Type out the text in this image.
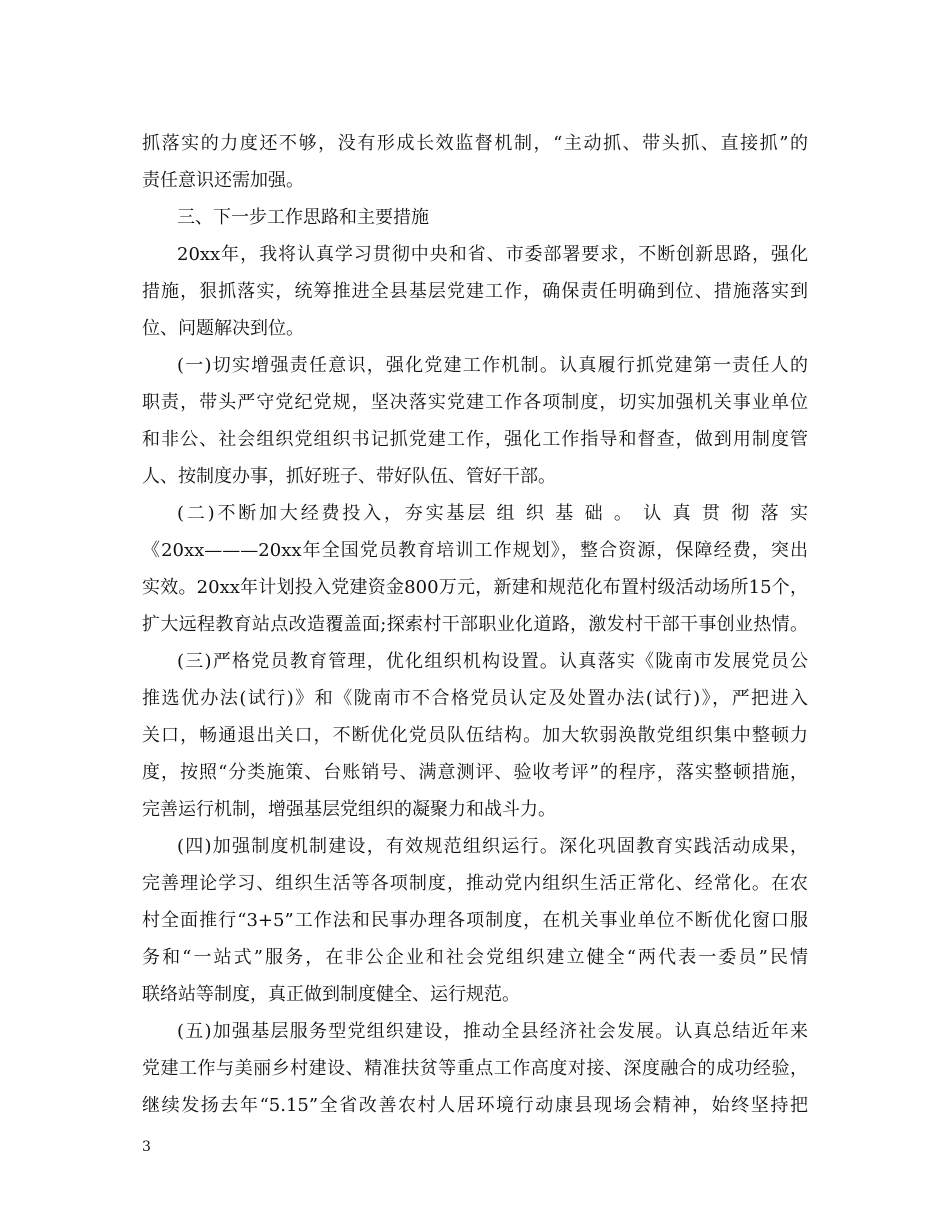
抓落实的力度还不够，没有形成长效监督机制，“主动抓、带头抓、直接抓”的
责任意识还需加强。
三、下一步工作思路和主要措施
20xx年，我将认真学习贯彻中央和省、市委部署要求，不断创新思路，强化
措施，狠抓落实，统筹推进全县基层党建工作，确保责任明确到位、措施落实到
位、问题解决到位。
(一)切实增强责任意识，强化党建工作机制。认真履行抓党建第一责任人的
职责，带头严守党纪党规，坚决落实党建工作各项制度，切实加强机关事业单位
和非公、社会组织党组织书记抓党建工作，强化工作指导和督查，做到用制度管
人、按制度办事，抓好班子、带好队伍、管好干部。
(二)不断加大经费投入，夯实基层 组 织 基 础 。 认 真 贯 彻 落 实
《20xx———20xx年全国党员教育培训工作规划》，整合资源，保障经费，突出
实效。20xx年计划投入党建资金800万元，新建和规范化布置村级活动场所15个，
扩大远程教育站点改造覆盖面;探索村干部职业化道路，激发村干部干事创业热情。
(三)严格党员教育管理，优化组织机构设置。认真落实《陇南市发展党员公
推选优办法(试行)》和《陇南市不合格党员认定及处置办法(试行)》，严把进入
关口，畅通退出关口，不断优化党员队伍结构。加大软弱涣散党组织集中整顿力
度，按照“分类施策、台账销号、满意测评、验收考评”的程序，落实整顿措施，
完善运行机制，增强基层党组织的凝聚力和战斗力。
(四)加强制度机制建设，有效规范组织运行。深化巩固教育实践活动成果，
完善理论学习、组织生活等各项制度，推动党内组织生活正常化、经常化。在农
村全面推行“3+5”工作法和民事办理各项制度，在机关事业单位不断优化窗口服
务和“一站式”服务，在非公企业和社会党组织建立健全“两代表一委员”民情
联络站等制度，真正做到制度健全、运行规范。
(五)加强基层服务型党组织建设，推动全县经济社会发展。认真总结近年来
党建工作与美丽乡村建设、精准扶贫等重点工作高度对接、深度融合的成功经验，
继续发扬去年“5.15”全省改善农村人居环境行动康县现场会精神，始终坚持把
3
